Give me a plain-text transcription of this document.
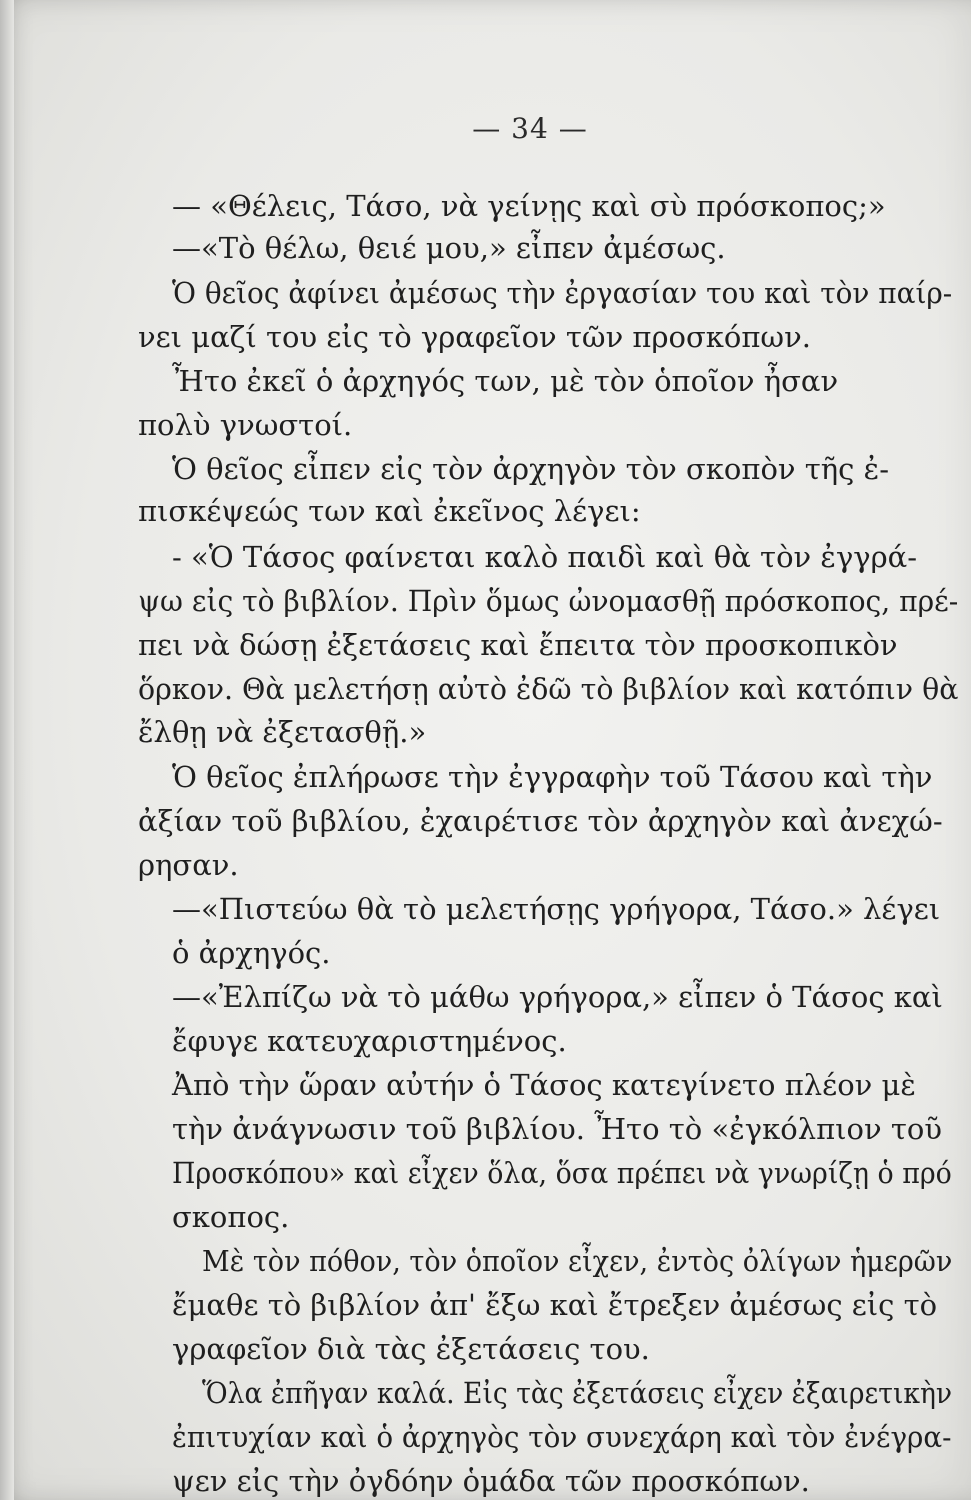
— 34 —
— «Θέλεις, Τάσο, νὰ γείνῃς καὶ σὺ πρόσκοπος;»
—«Τὸ θέλω, θειέ μου,» εἶπεν ἀμέσως.
Ὁ θεῖος ἀφίνει ἀμέσως τὴν ἐργασίαν του καὶ τὸν παίρ-
νει μαζί του εἰς τὸ γραφεῖον τῶν προσκόπων.
Ἦτο ἐκεῖ ὁ ἀρχηγός των, μὲ τὸν ὁποῖον ἦσαν
πολὺ γνωστοί.
Ὁ θεῖος εἶπεν εἰς τὸν ἀρχηγὸν τὸν σκοπὸν τῆς ἐ-
πισκέψεώς των καὶ ἐκεῖνος λέγει:
- «Ὁ Τάσος φαίνεται καλὸ παιδὶ καὶ θὰ τὸν ἐγγρά-
ψω εἰς τὸ βιβλίον. Πρὶν ὅμως ὠνομασθῇ πρόσκοπος, πρέ-
πει νὰ δώσῃ ἐξετάσεις καὶ ἔπειτα τὸν προσκοπικὸν
ὅρκον. Θὰ μελετήσῃ αὐτὸ ἐδῶ τὸ βιβλίον καὶ κατόπιν θὰ
ἔλθῃ νὰ ἐξετασθῇ.»
Ὁ θεῖος ἐπλήρωσε τὴν ἐγγραφὴν τοῦ Τάσου καὶ τὴν
ἀξίαν τοῦ βιβλίου, ἐχαιρέτισε τὸν ἀρχηγὸν καὶ ἀνεχώ-
ρησαν.
—«Πιστεύω θὰ τὸ μελετήσῃς γρήγορα, Τάσο.» λέγει
ὁ ἀρχηγός.
—«Ἐλπίζω νὰ τὸ μάθω γρήγορα,» εἶπεν ὁ Τάσος καὶ
ἔφυγε κατευχαριστημένος.
Ἀπὸ τὴν ὥραν αὐτήν ὁ Τάσος κατεγίνετο πλέον μὲ
τὴν ἀνάγνωσιν τοῦ βιβλίου. Ἦτο τὸ «ἐγκόλπιον τοῦ
Προσκόπου» καὶ εἶχεν ὅλα, ὅσα πρέπει νὰ γνωρίζῃ ὁ πρό
σκοπος.
Μὲ τὸν πόθον, τὸν ὁποῖον εἶχεν, ἐντὸς ὀλίγων ἡμερῶν
ἔμαθε τὸ βιβλίον ἀπ' ἔξω καὶ ἔτρεξεν ἀμέσως εἰς τὸ
γραφεῖον διὰ τὰς ἐξετάσεις του.
Ὅλα ἐπῆγαν καλά. Εἰς τὰς ἐξετάσεις εἶχεν ἐξαιρετικὴν
ἐπιτυχίαν καὶ ὁ ἀρχηγὸς τὸν συνεχάρη καὶ τὸν ἐνέγρα-
ψεν εἰς τὴν ὀγδόην ὁμάδα τῶν προσκόπων.
